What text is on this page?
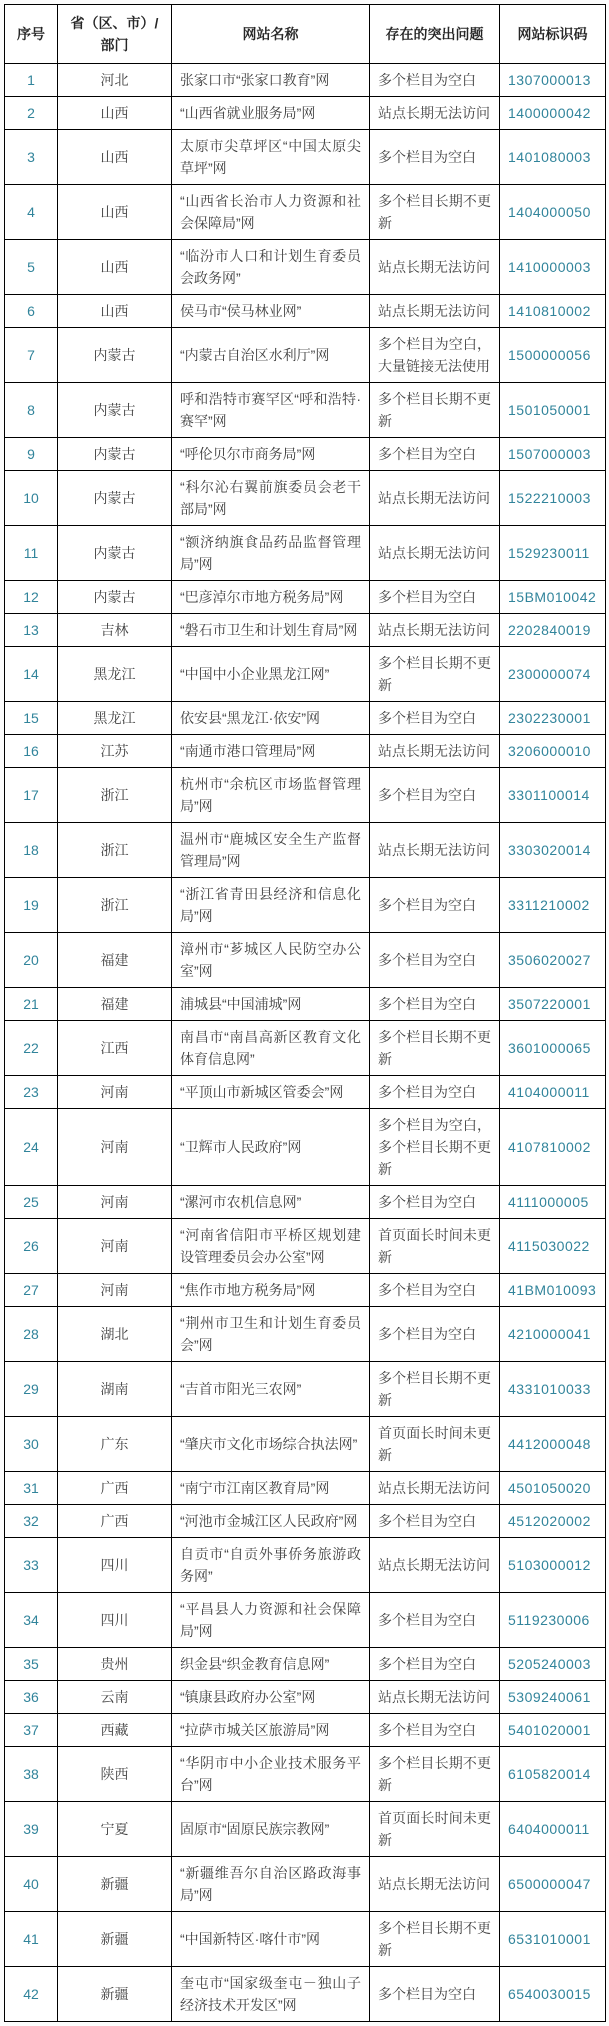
序号	省（区、市）/部门	网站名称	存在的突出问题	网站标识码
1	河北	张家口市“张家口教育”网	多个栏目为空白	1307000013
2	山西	“山西省就业服务局”网	站点长期无法访问	1400000042
3	山西	太原市尖草坪区“中国太原尖草坪”网	多个栏目为空白	1401080003
4	山西	“山西省长治市人力资源和社会保障局”网	多个栏目长期不更新	1404000050
5	山西	“临汾市人口和计划生育委员会政务网”	站点长期无法访问	1410000003
6	山西	侯马市“侯马林业网”	站点长期无法访问	1410810002
7	内蒙古	“内蒙古自治区水利厅”网	多个栏目为空白，大量链接无法使用	1500000056
8	内蒙古	呼和浩特市赛罕区“呼和浩特·赛罕”网	多个栏目长期不更新	1501050001
9	内蒙古	“呼伦贝尔市商务局”网	多个栏目为空白	1507000003
10	内蒙古	“科尔沁右翼前旗委员会老干部局”网	站点长期无法访问	1522210003
11	内蒙古	“额济纳旗食品药品监督管理局”网	站点长期无法访问	1529230011
12	内蒙古	“巴彦淖尔市地方税务局”网	多个栏目为空白	15BM010042
13	吉林	“磐石市卫生和计划生育局”网	站点长期无法访问	2202840019
14	黑龙江	“中国中小企业黑龙江网”	多个栏目长期不更新	2300000074
15	黑龙江	依安县“黑龙江·依安”网	多个栏目为空白	2302230001
16	江苏	“南通市港口管理局”网	站点长期无法访问	3206000010
17	浙江	杭州市“余杭区市场监督管理局”网	多个栏目为空白	3301100014
18	浙江	温州市“鹿城区安全生产监督管理局”网	站点长期无法访问	3303020014
19	浙江	“浙江省青田县经济和信息化局”网	多个栏目为空白	3311210002
20	福建	漳州市“芗城区人民防空办公室”网	多个栏目为空白	3506020027
21	福建	浦城县“中国浦城”网	多个栏目为空白	3507220001
22	江西	南昌市“南昌高新区教育文化体育信息网”	多个栏目长期不更新	3601000065
23	河南	“平顶山市新城区管委会”网	多个栏目为空白	4104000011
24	河南	“卫辉市人民政府”网	多个栏目为空白，多个栏目长期不更新	4107810002
25	河南	“漯河市农机信息网”	多个栏目为空白	4111000005
26	河南	“河南省信阳市平桥区规划建设管理委员会办公室”网	首页面长时间未更新	4115030022
27	河南	“焦作市地方税务局”网	多个栏目为空白	41BM010093
28	湖北	“荆州市卫生和计划生育委员会”网	多个栏目为空白	4210000041
29	湖南	“吉首市阳光三农网”	多个栏目长期不更新	4331010033
30	广东	“肇庆市文化市场综合执法网”	首页面长时间未更新	4412000048
31	广西	“南宁市江南区教育局”网	站点长期无法访问	4501050020
32	广西	“河池市金城江区人民政府”网	多个栏目为空白	4512020002
33	四川	自贡市“自贡外事侨务旅游政务网”	站点长期无法访问	5103000012
34	四川	“平昌县人力资源和社会保障局”网	多个栏目为空白	5119230006
35	贵州	织金县“织金教育信息网”	多个栏目为空白	5205240003
36	云南	“镇康县政府办公室”网	站点长期无法访问	5309240061
37	西藏	“拉萨市城关区旅游局”网	多个栏目为空白	5401020001
38	陕西	“华阴市中小企业技术服务平台”网	多个栏目长期不更新	6105820014
39	宁夏	固原市“固原民族宗教网”	首页面长时间未更新	6404000011
40	新疆	“新疆维吾尔自治区路政海事局”网	站点长期无法访问	6500000047
41	新疆	“中国新特区·喀什市”网	多个栏目长期不更新	6531010001
42	新疆	奎屯市“国家级奎屯－独山子经济技术开发区”网	多个栏目为空白	6540030015
